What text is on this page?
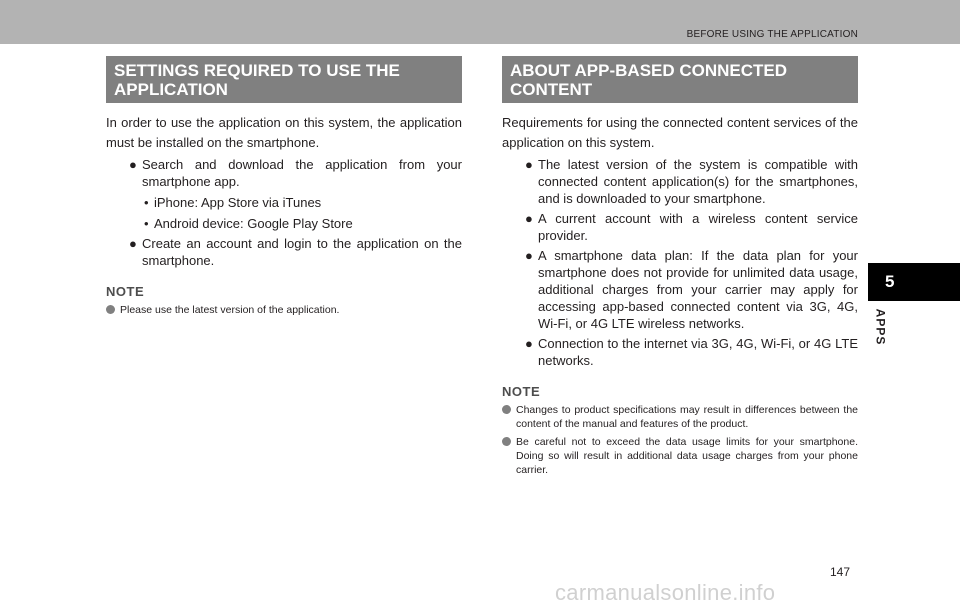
BEFORE USING THE APPLICATION
SETTINGS REQUIRED TO USE THE APPLICATION
In order to use the application on this system, the application must be installed on the smartphone.
● Search and download the application from your smartphone app.
• iPhone: App Store via iTunes
• Android device: Google Play Store
● Create an account and login to the application on the smartphone.
NOTE
Please use the latest version of the application.
ABOUT APP-BASED CONNECTED CONTENT
Requirements for using the connected content services of the application on this system.
● The latest version of the system is compatible with connected content application(s) for the smartphones, and is downloaded to your smartphone.
● A current account with a wireless content service provider.
● A smartphone data plan: If the data plan for your smartphone does not provide for unlimited data usage, additional charges from your carrier may apply for accessing app-based connected content via 3G, 4G, Wi-Fi, or 4G LTE wireless networks.
● Connection to the internet via 3G, 4G, Wi-Fi, or 4G LTE networks.
NOTE
Changes to product specifications may result in differences between the content of the manual and features of the product.
Be careful not to exceed the data usage limits for your smartphone. Doing so will result in additional data usage charges from your phone carrier.
5
APPS
147
carmanualsonline.info
